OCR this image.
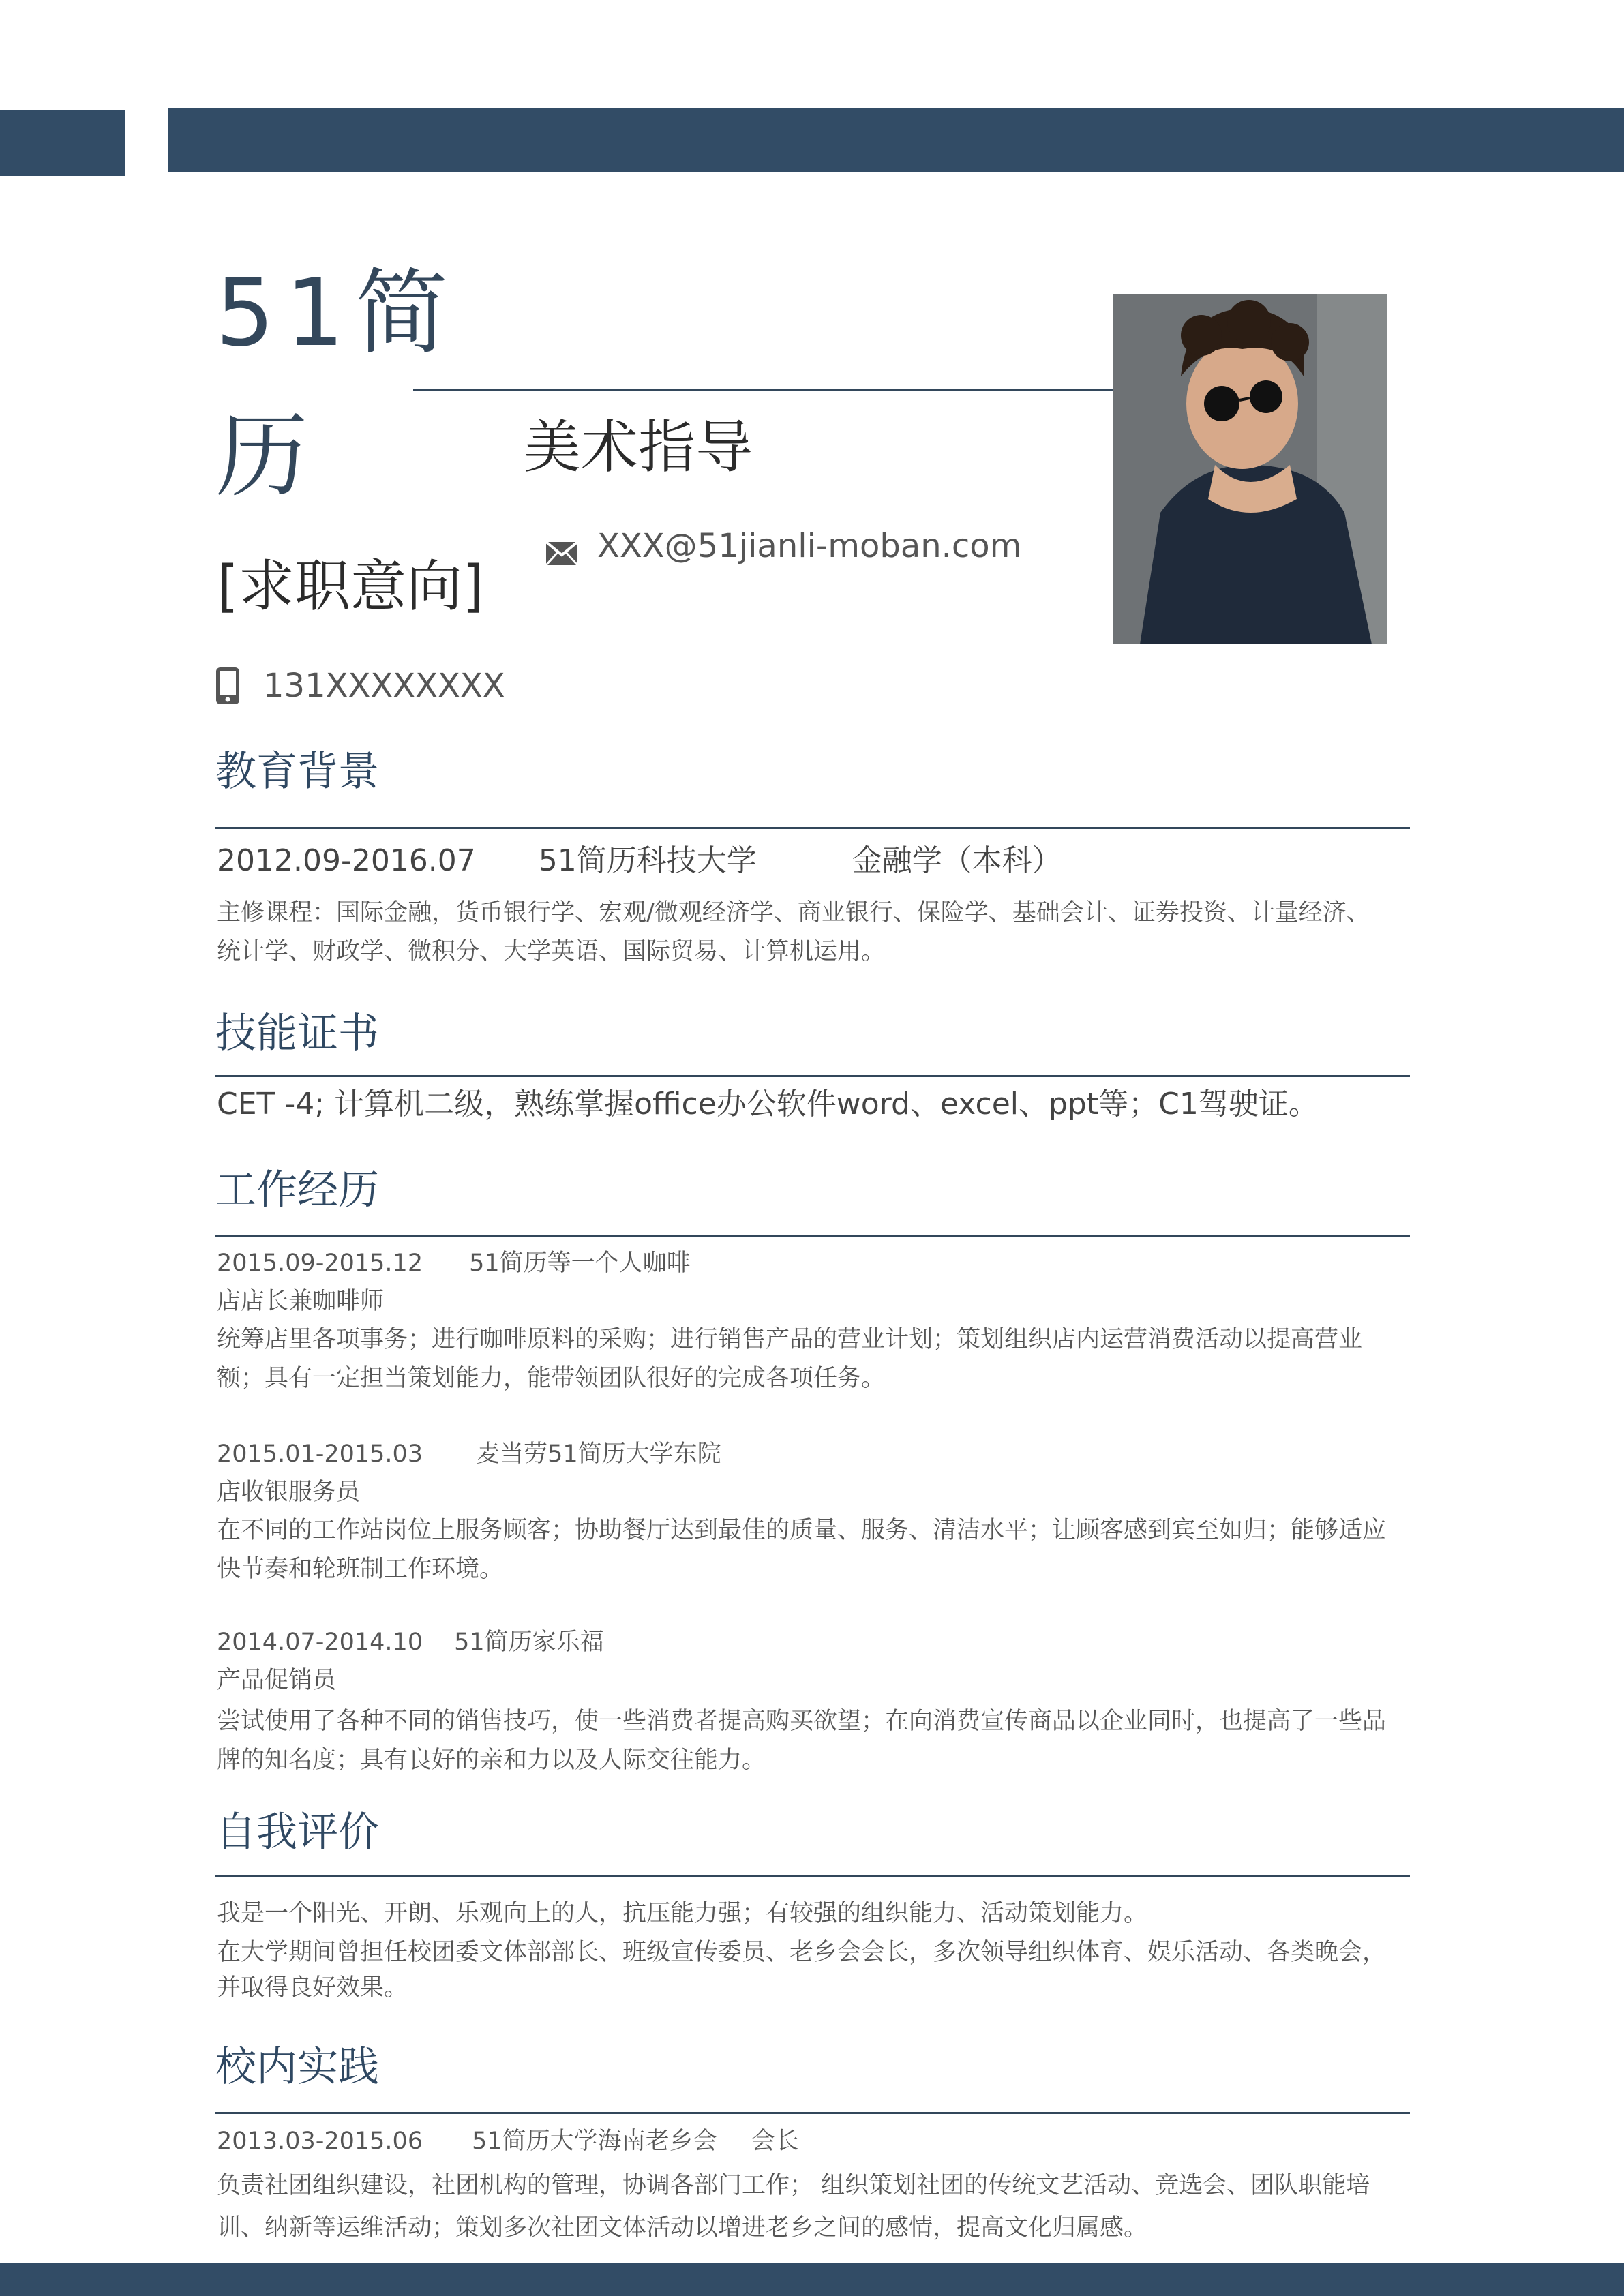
51简
历	美术指导
[求职意向]
XXX@51jianli-moban.com
131XXXXXXXX
教育背景
2012.09-2016.07 51简历科技大学	金融学（本科）
主修课程：国际金融，货币银行学、宏观/微观经济学、商业银行、保险学、基础会计、证券投资、计量经济、统计学、财政学、微积分、大学英语、国际贸易、计算机运用。
技能证书
CET -4; 计算机二级，熟练掌握office办公软件word、excel、ppt等；C1驾驶证。
工作经历
2015.09-2015.12 51简历等一个人咖啡
店店长兼咖啡师
统筹店里各项事务；进行咖啡原料的采购；进行销售产品的营业计划；策划组织店内运营消费活动以提高营业额；具有一定担当策划能力，能带领团队很好的完成各项任务。
2015.01-2015.03 麦当劳51简历大学东院
店收银服务员
在不同的工作站岗位上服务顾客；协助餐厅达到最佳的质量、服务、清洁水平；让顾客感到宾至如归；能够适应快节奏和轮班制工作环境。
2014.07-2014.10 51简历家乐福
产品促销员
尝试使用了各种不同的销售技巧，使一些消费者提高购买欲望；在向消费宣传商品以企业同时，也提高了一些品牌的知名度；具有良好的亲和力以及人际交往能力。
自我评价
我是一个阳光、开朗、乐观向上的人，抗压能力强；有较强的组织能力、活动策划能力。
在大学期间曾担任校团委文体部部长、班级宣传委员、老乡会会长，多次领导组织体育、娱乐活动、各类晚会，并取得良好效果。
校内实践
2013.03-2015.06 51简历大学海南老乡会 会长
负责社团组织建设，社团机构的管理，协调各部门工作； 组织策划社团的传统文艺活动、竞选会、团队职能培训、纳新等运维活动；策划多次社团文体活动以增进老乡之间的感情，提高文化归属感。
